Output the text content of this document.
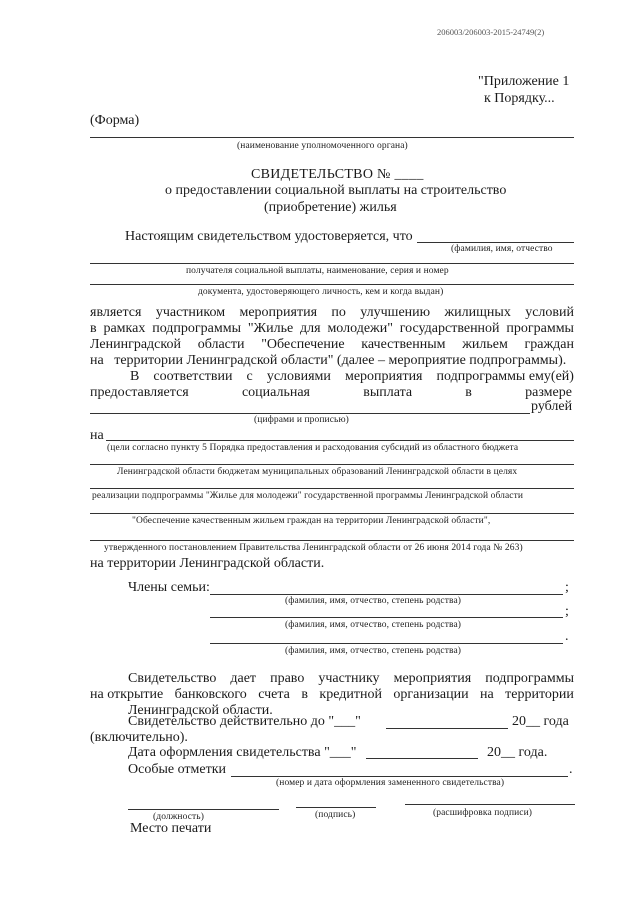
206003/206003-2015-24749(2)
"Приложение 1
к Порядку...
(Форма)
(наименование уполномоченного органа)
СВИДЕТЕЛЬСТВО № ____
о предоставлении социальной выплаты на строительство
(приобретение) жилья
Настоящим свидетельством удостоверяется, что
(фамилия, имя, отчество
получателя социальной выплаты, наименование, серия и номер
документа, удостоверяющего личность, кем и когда выдан)
является участником мероприятия по улучшению жилищных условий
в рамках подпрограммы "Жилье для молодежи" государственной программы
Ленинградской области "Обеспечение качественным жильем граждан
на   территории Ленинградской области" (далее – мероприятие подпрограммы).
В соответствии с условиями мероприятия подпрограммы ему(ей)
предоставляется	социальная	выплата	в	размере
рублей
(цифрами и прописью)
на
(цели согласно пункту 5 Порядка предоставления и расходования субсидий из областного бюджета
Ленинградской области бюджетам муниципальных образований Ленинградской области в целях
реализации подпрограммы "Жилье для молодежи" государственной программы Ленинградской области
"Обеспечение качественным жильем граждан на территории Ленинградской области",
утвержденного постановлением Правительства Ленинградской области от 26 июня 2014 года № 263)
на территории Ленинградской области.
Члены семьи:	;
(фамилия, имя, отчество, степень родства)
;
(фамилия, имя, отчество, степень родства)
.
(фамилия, имя, отчество, степень родства)
Свидетельство дает право участнику мероприятия подпрограммы
на открытие банковского счета в кредитной организации на территории
Ленинградской области.
Свидетельство действительно до "___"	20__ года
(включительно).
Дата оформления свидетельства "___"	20__ года.
Особые отметки	.
(номер и дата оформления замененного свидетельства)
(должность)	(подпись)	(расшифровка подписи)
Место печати
